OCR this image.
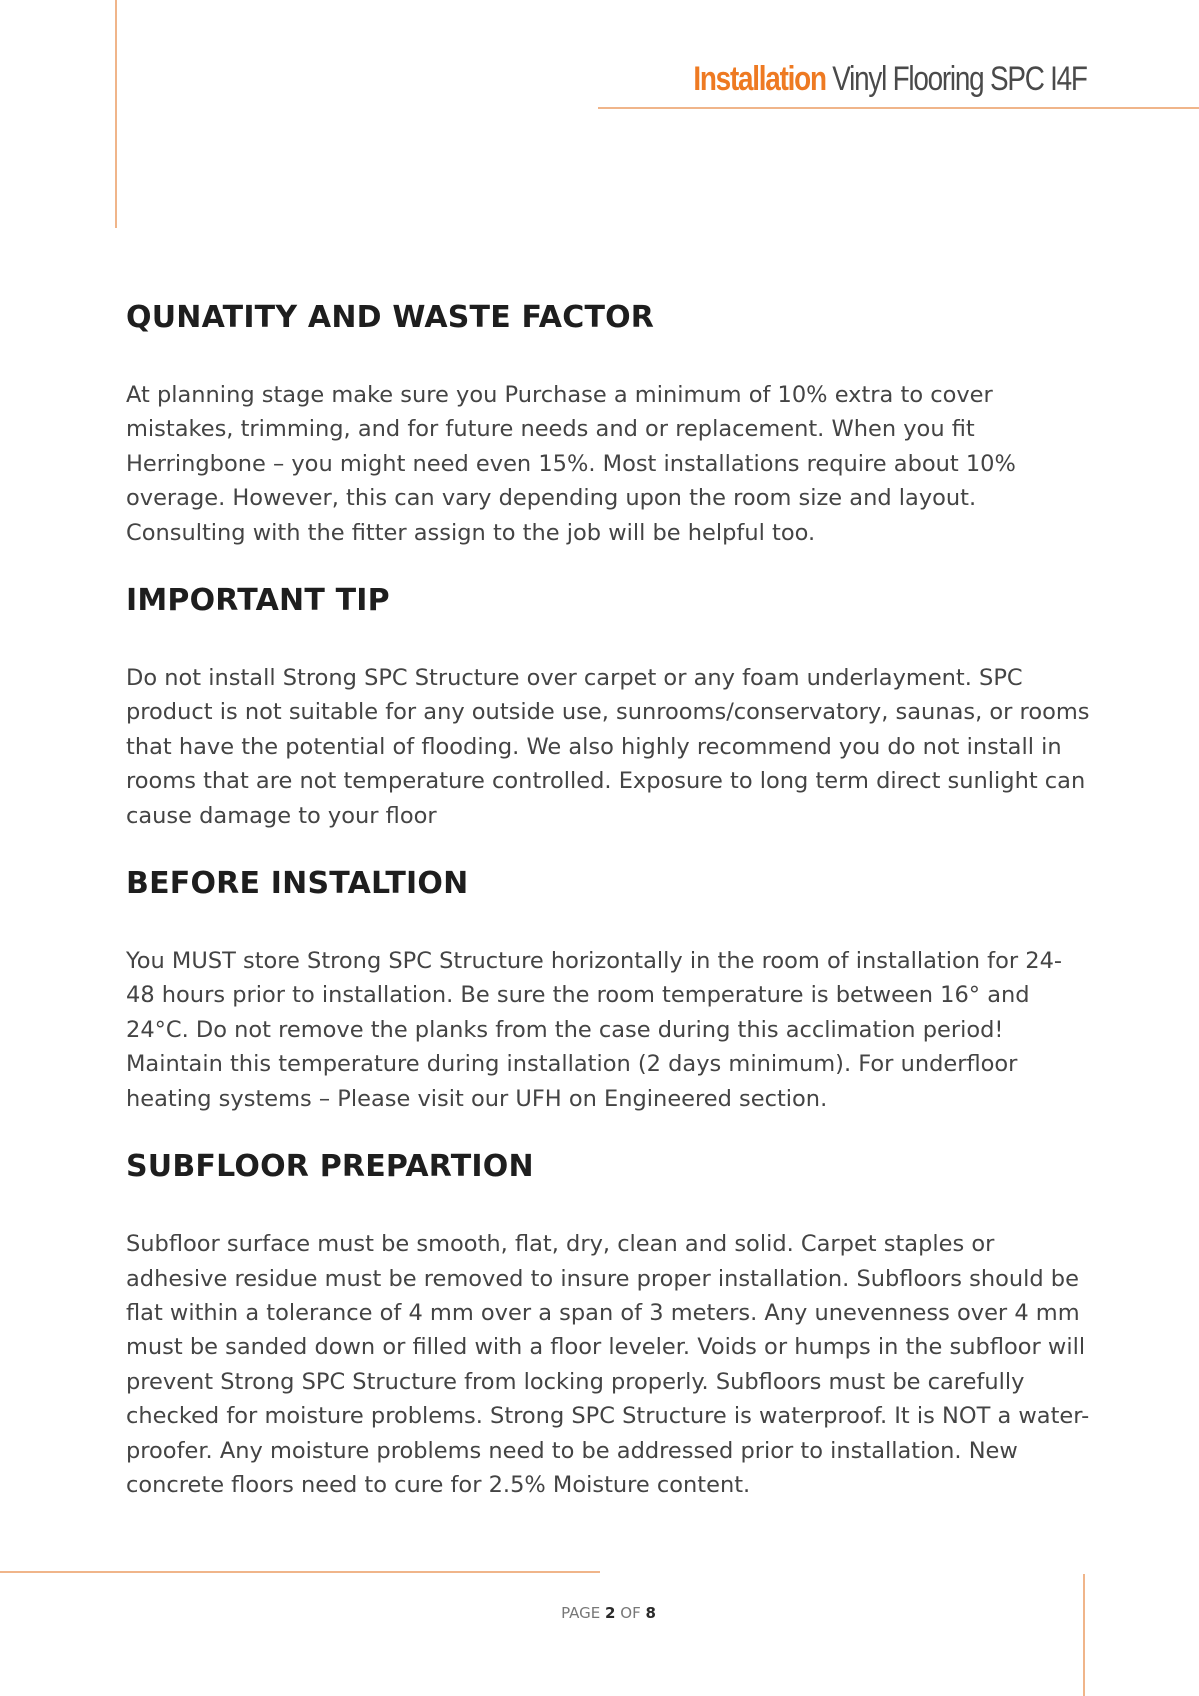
Installation Vinyl Flooring SPC I4F
QUNATITY AND WASTE FACTOR

At planning stage make sure you Purchase a minimum of 10% extra to cover mistakes, trimming, and for future needs and or replacement. When you fit Herringbone – you might need even 15%. Most installations require about 10% overage. However, this can vary depending upon the room size and layout. Consulting with the fitter assign to the job will be helpful too.

IMPORTANT TIP

Do not install Strong SPC Structure over carpet or any foam underlayment. SPC product is not suitable for any outside use, sunrooms/conservatory, saunas, or rooms that have the potential of flooding. We also highly recommend you do not install in rooms that are not temperature controlled. Exposure to long term direct sunlight can cause damage to your floor

BEFORE INSTALTION

You MUST store Strong SPC Structure horizontally in the room of installation for 24-48 hours prior to installation. Be sure the room temperature is between 16° and 24°C. Do not remove the planks from the case during this acclimation period! Maintain this temperature during installation (2 days minimum). For underfloor heating systems – Please visit our UFH on Engineered section.

SUBFLOOR PREPARTION

Subfloor surface must be smooth, flat, dry, clean and solid. Carpet staples or adhesive residue must be removed to insure proper installation. Subfloors should be flat within a tolerance of 4 mm over a span of 3 meters. Any unevenness over 4 mm must be sanded down or filled with a floor leveler. Voids or humps in the subfloor will prevent Strong SPC Structure from locking properly. Subfloors must be carefully checked for moisture problems. Strong SPC Structure is waterproof. It is NOT a water-proofer. Any moisture problems need to be addressed prior to installation. New concrete floors need to cure for 2.5% Moisture content.

PAGE 2 OF 8
